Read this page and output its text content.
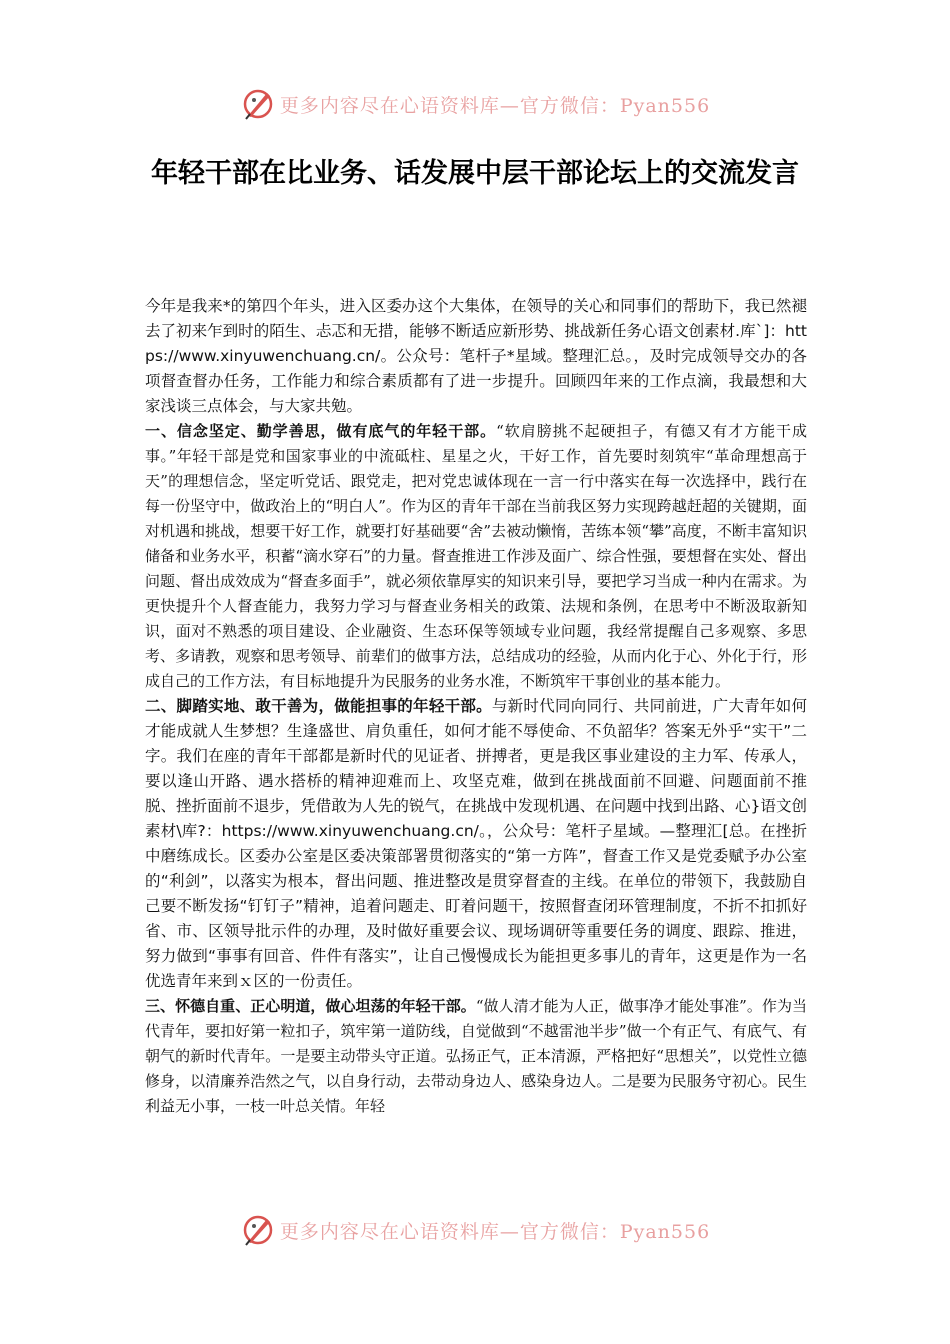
更多内容尽在心语资料库—官方微信：Pyan556
年轻干部在比业务、话发展中层干部论坛上的交流发言

今年是我来*的第四个年头，进入区委办这个大集体，在领导的关心和同事们的帮助下，我已然褪去了初来乍到时的陌生、忐忑和无措，能够不断适应新形势、挑战新任务心语文创素材.库`]：https://www.xinyuwenchuang.cn/。公众号：笔杆子*星域。整理汇总。，及时完成领导交办的各项督查督办任务，工作能力和综合素质都有了进一步提升。回顾四年来的工作点滴，我最想和大家浅谈三点体会，与大家共勉。

一、信念坚定、勤学善思，做有底气的年轻干部。“软肩膀挑不起硬担子，有德又有才方能干成事。”年轻干部是党和国家事业的中流砥柱、星星之火，干好工作，首先要时刻筑牢“革命理想高于天”的理想信念，坚定听党话、跟党走，把对党忠诚体现在一言一行中落实在每一次选择中，践行在每一份坚守中，做政治上的“明白人”。作为区的青年干部在当前我区努力实现跨越赶超的关键期，面对机遇和挑战，想要干好工作，就要打好基础要“舍”去被动懒惰，苦练本领“攀”高度，不断丰富知识储备和业务水平，积蓄“滴水穿石”的力量。督查推进工作涉及面广、综合性强，要想督在实处、督出问题、督出成效成为“督查多面手”，就必须依靠厚实的知识来引导，要把学习当成一种内在需求。为更快提升个人督查能力，我努力学习与督查业务相关的政策、法规和条例，在思考中不断汲取新知识，面对不熟悉的项目建设、企业融资、生态环保等领域专业问题，我经常提醒自己多观察、多思考、多请教，观察和思考领导、前辈们的做事方法，总结成功的经验，从而内化于心、外化于行，形成自己的工作方法，有目标地提升为民服务的业务水准，不断筑牢干事创业的基本能力。

二、脚踏实地、敢干善为，做能担事的年轻干部。与新时代同向同行、共同前进，广大青年如何才能成就人生梦想？生逢盛世、肩负重任，如何才能不辱使命、不负韶华？答案无外乎“实干”二字。我们在座的青年干部都是新时代的见证者、拼搏者，更是我区事业建设的主力军、传承人，要以逢山开路、遇水搭桥的精神迎难而上、攻坚克难，做到在挑战面前不回避、问题面前不推脱、挫折面前不退步，凭借敢为人先的锐气，在挑战中发现机遇、在问题中找到出路、心}语文创素材\库?：https://www.xinyuwenchuang.cn/。，公众号：笔杆子星域。—整理汇[总。在挫折中磨练成长。区委办公室是区委决策部署贯彻落实的“第一方阵”，督查工作又是党委赋予办公室的“利剑”，以落实为根本，督出问题、推进整改是贯穿督查的主线。在单位的带领下，我鼓励自己要不断发扬“钉钉子”精神，追着问题走、盯着问题干，按照督查闭环管理制度，不折不扣抓好省、市、区领导批示件的办理，及时做好重要会议、现场调研等重要任务的调度、跟踪、推进，努力做到“事事有回音、件件有落实”，让自己慢慢成长为能担更多事儿的青年，这更是作为一名优选青年来到ｘ区的一份责任。

三、怀德自重、正心明道，做心坦荡的年轻干部。“做人清才能为人正，做事净才能处事准”。作为当代青年，要扣好第一粒扣子，筑牢第一道防线，自觉做到“不越雷池半步”做一个有正气、有底气、有朝气的新时代青年。一是要主动带头守正道。弘扬正气，正本清源，严格把好“思想关”，以党性立德修身，以清廉养浩然之气，以自身行动，去带动身边人、感染身边人。二是要为民服务守初心。民生利益无小事，一枝一叶总关情。年轻

更多内容尽在心语资料库—官方微信：Pyan556
